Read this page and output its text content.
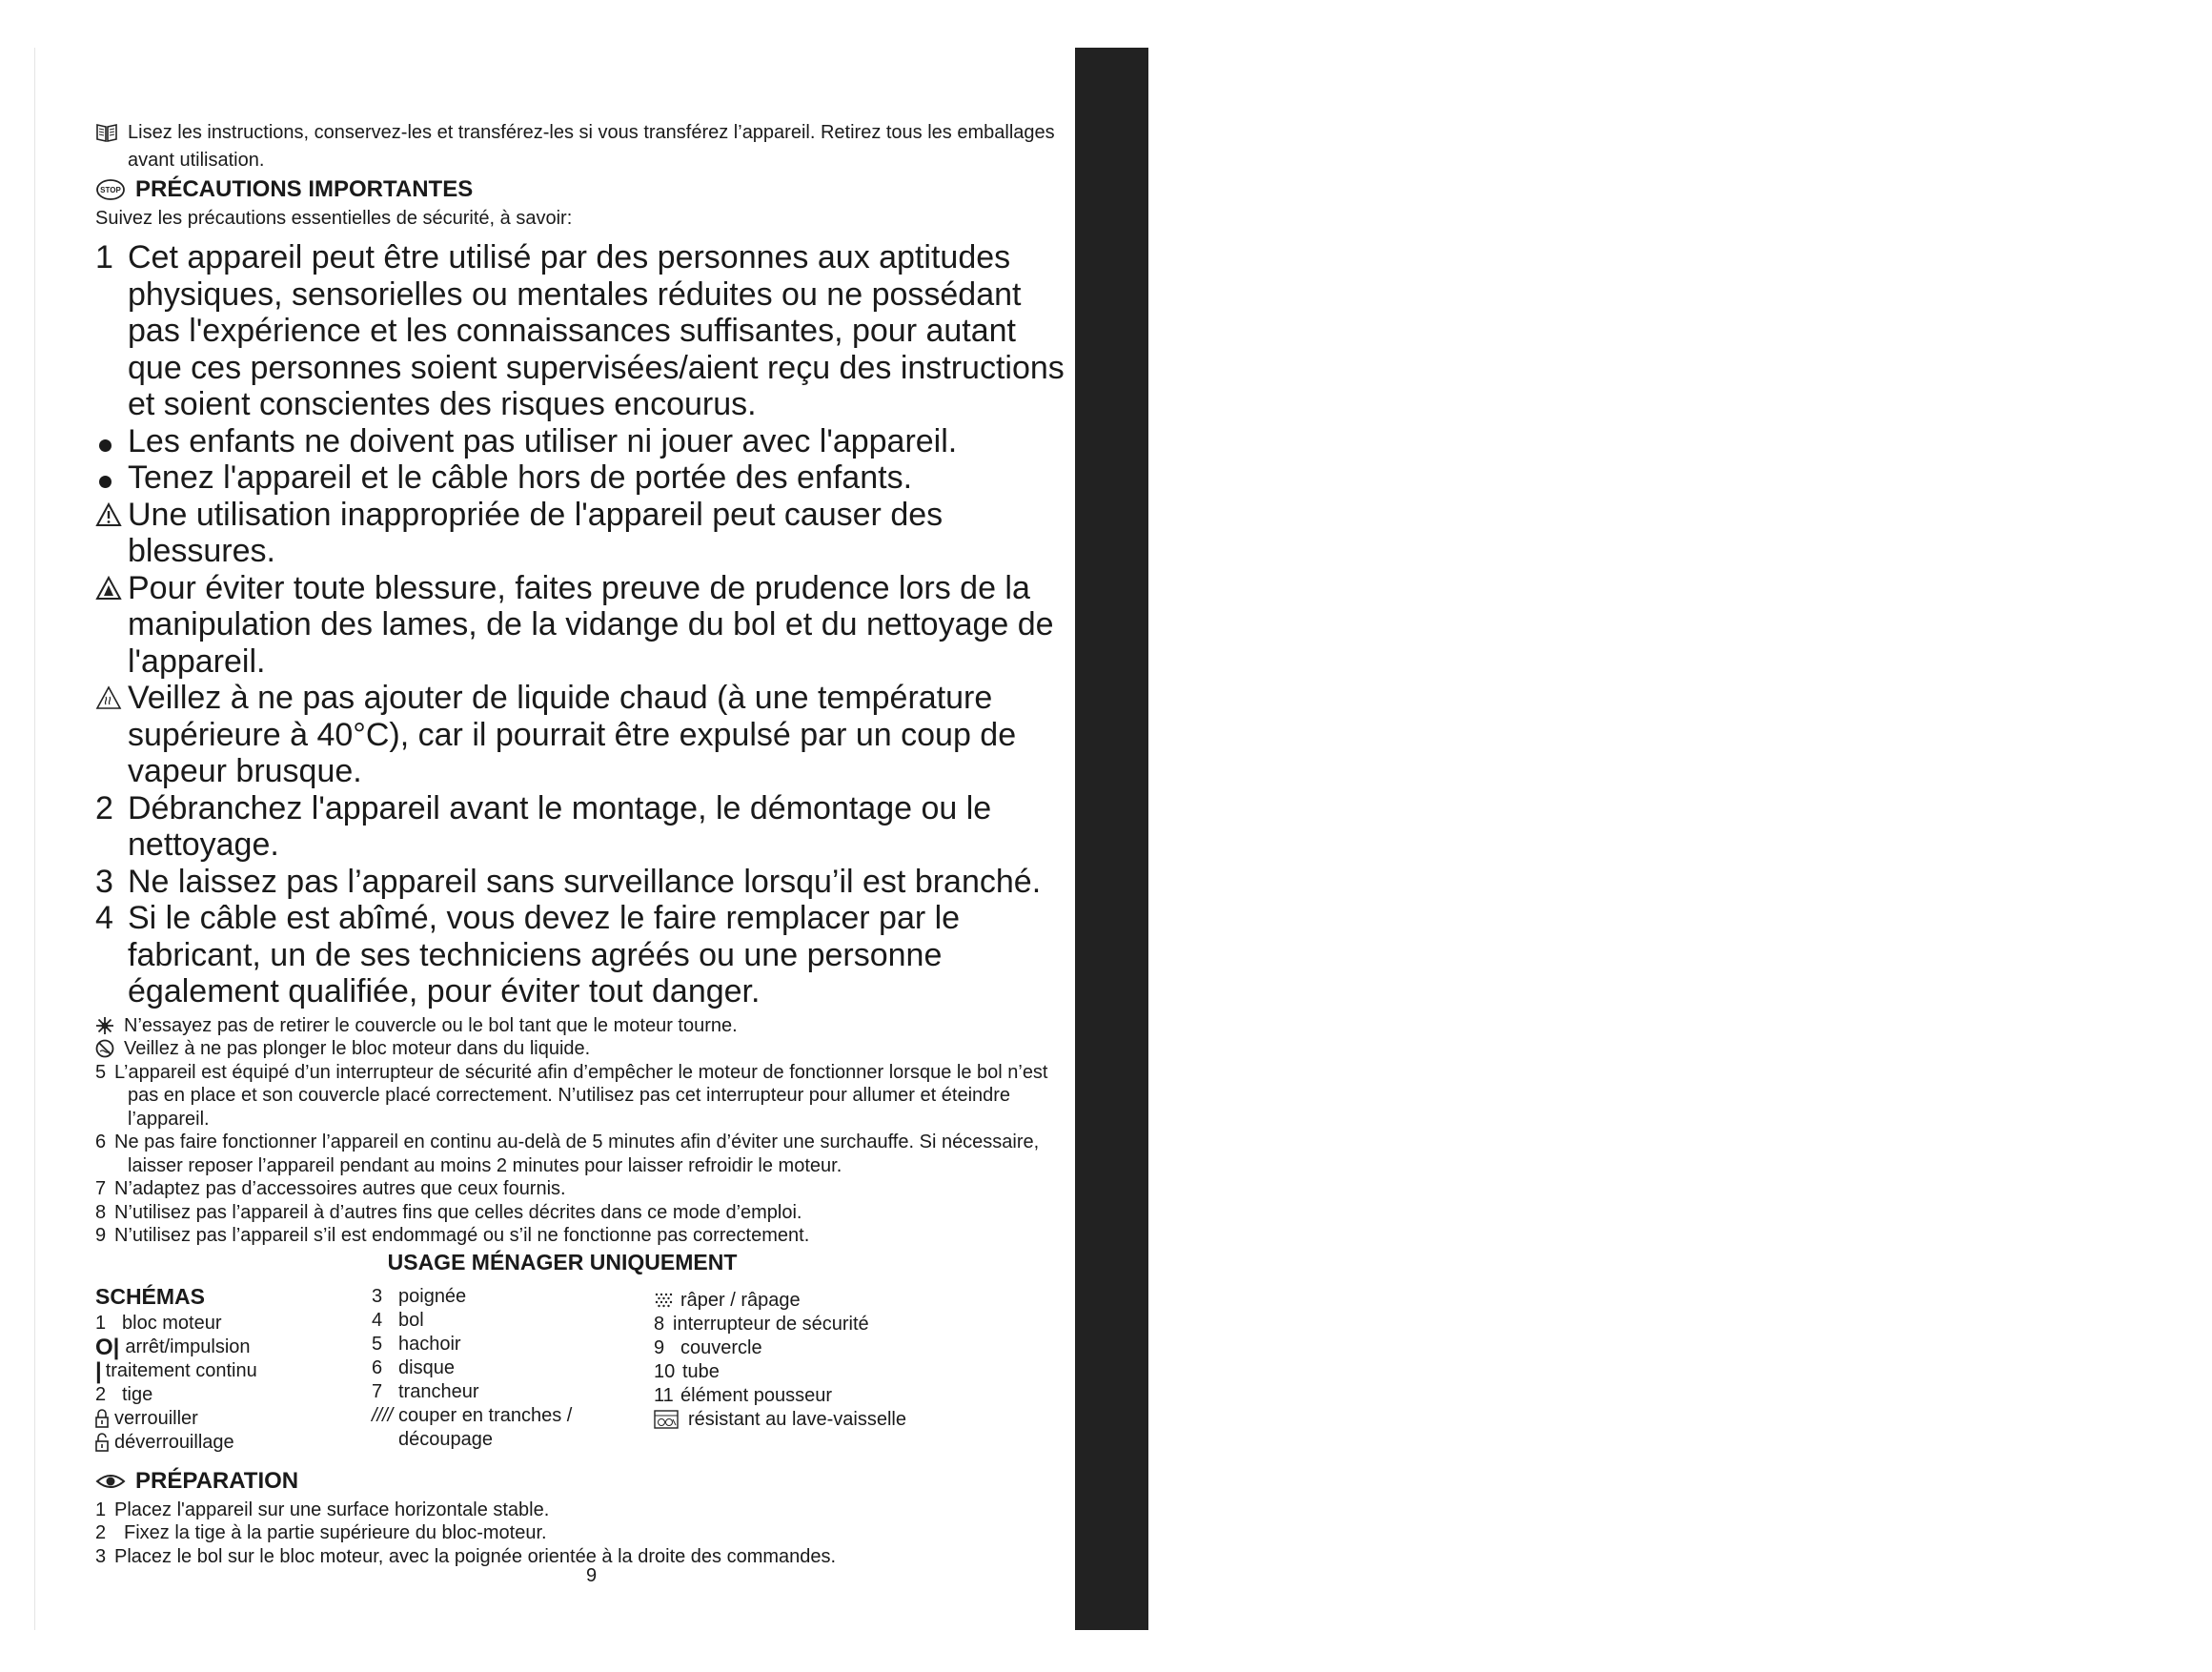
mode d’emploi
Lisez les instructions, conservez-les et transférez-les si vous transférez l’appareil. Retirez tous les emballages avant utilisation.
STOP PRÉCAUTIONS IMPORTANTES
Suivez les précautions essentielles de sécurité, à savoir:
1 Cet appareil peut être utilisé par des personnes aux aptitudes physiques, sensorielles ou mentales réduites ou ne possédant pas l'expérience et les connaissances suffisantes, pour autant que ces personnes soient supervisées/aient reçu des instructions et soient conscientes des risques encourus.
Les enfants ne doivent pas utiliser ni jouer avec l'appareil.
Tenez l'appareil et le câble hors de portée des enfants.
Une utilisation inappropriée de l'appareil peut causer des blessures.
Pour éviter toute blessure, faites preuve de prudence lors de la manipulation des lames, de la vidange du bol et du nettoyage de l'appareil.
Veillez à ne pas ajouter de liquide chaud (à une température supérieure à 40°C), car il pourrait être expulsé par un coup de vapeur brusque.
2 Débranchez l'appareil avant le montage, le démontage ou le nettoyage.
3 Ne laissez pas l’appareil sans surveillance lorsqu’il est branché.
4 Si le câble est abîmé, vous devez le faire remplacer par le fabricant, un de ses techniciens agréés ou une personne également qualifiée, pour éviter tout danger.
N’essayez pas de retirer le couvercle ou le bol tant que le moteur tourne.
Veillez à ne pas plonger le bloc moteur dans du liquide.
5 L’appareil est équipé d’un interrupteur de sécurité afin d’empêcher le moteur de fonctionner lorsque le bol n’est pas en place et son couvercle placé correctement. N’utilisez pas cet interrupteur pour allumer et éteindre l’appareil.
6 Ne pas faire fonctionner l’appareil en continu au-delà de 5 minutes afin d’éviter une surchauffe. Si nécessaire, laisser reposer l’appareil pendant au moins 2 minutes pour laisser refroidir le moteur.
7 N’adaptez pas d’accessoires autres que ceux fournis.
8 N’utilisez pas l’appareil à d’autres fins que celles décrites dans ce mode d’emploi.
9 N’utilisez pas l’appareil s’il est endommagé ou s’il ne fonctionne pas correctement.
USAGE MÉNAGER UNIQUEMENT
SCHÉMAS
1 bloc moteur
O| arrêt/impulsion
| traitement continu
2 tige
verrouiller
déverrouillage
3 poignée
4 bol
5 hachoir
6 disque
7 trancheur
//// couper en tranches /
découpage
râper / râpage
8 interrupteur de sécurité
9 couvercle
10 tube
11 élément pousseur
résistant au lave-vaisselle
PRÉPARATION
1 Placez l'appareil sur une surface horizontale stable.
2 Fixez la tige à la partie supérieure du bloc-moteur.
3 Placez le bol sur le bloc moteur, avec la poignée orientée à la droite des commandes.
9
